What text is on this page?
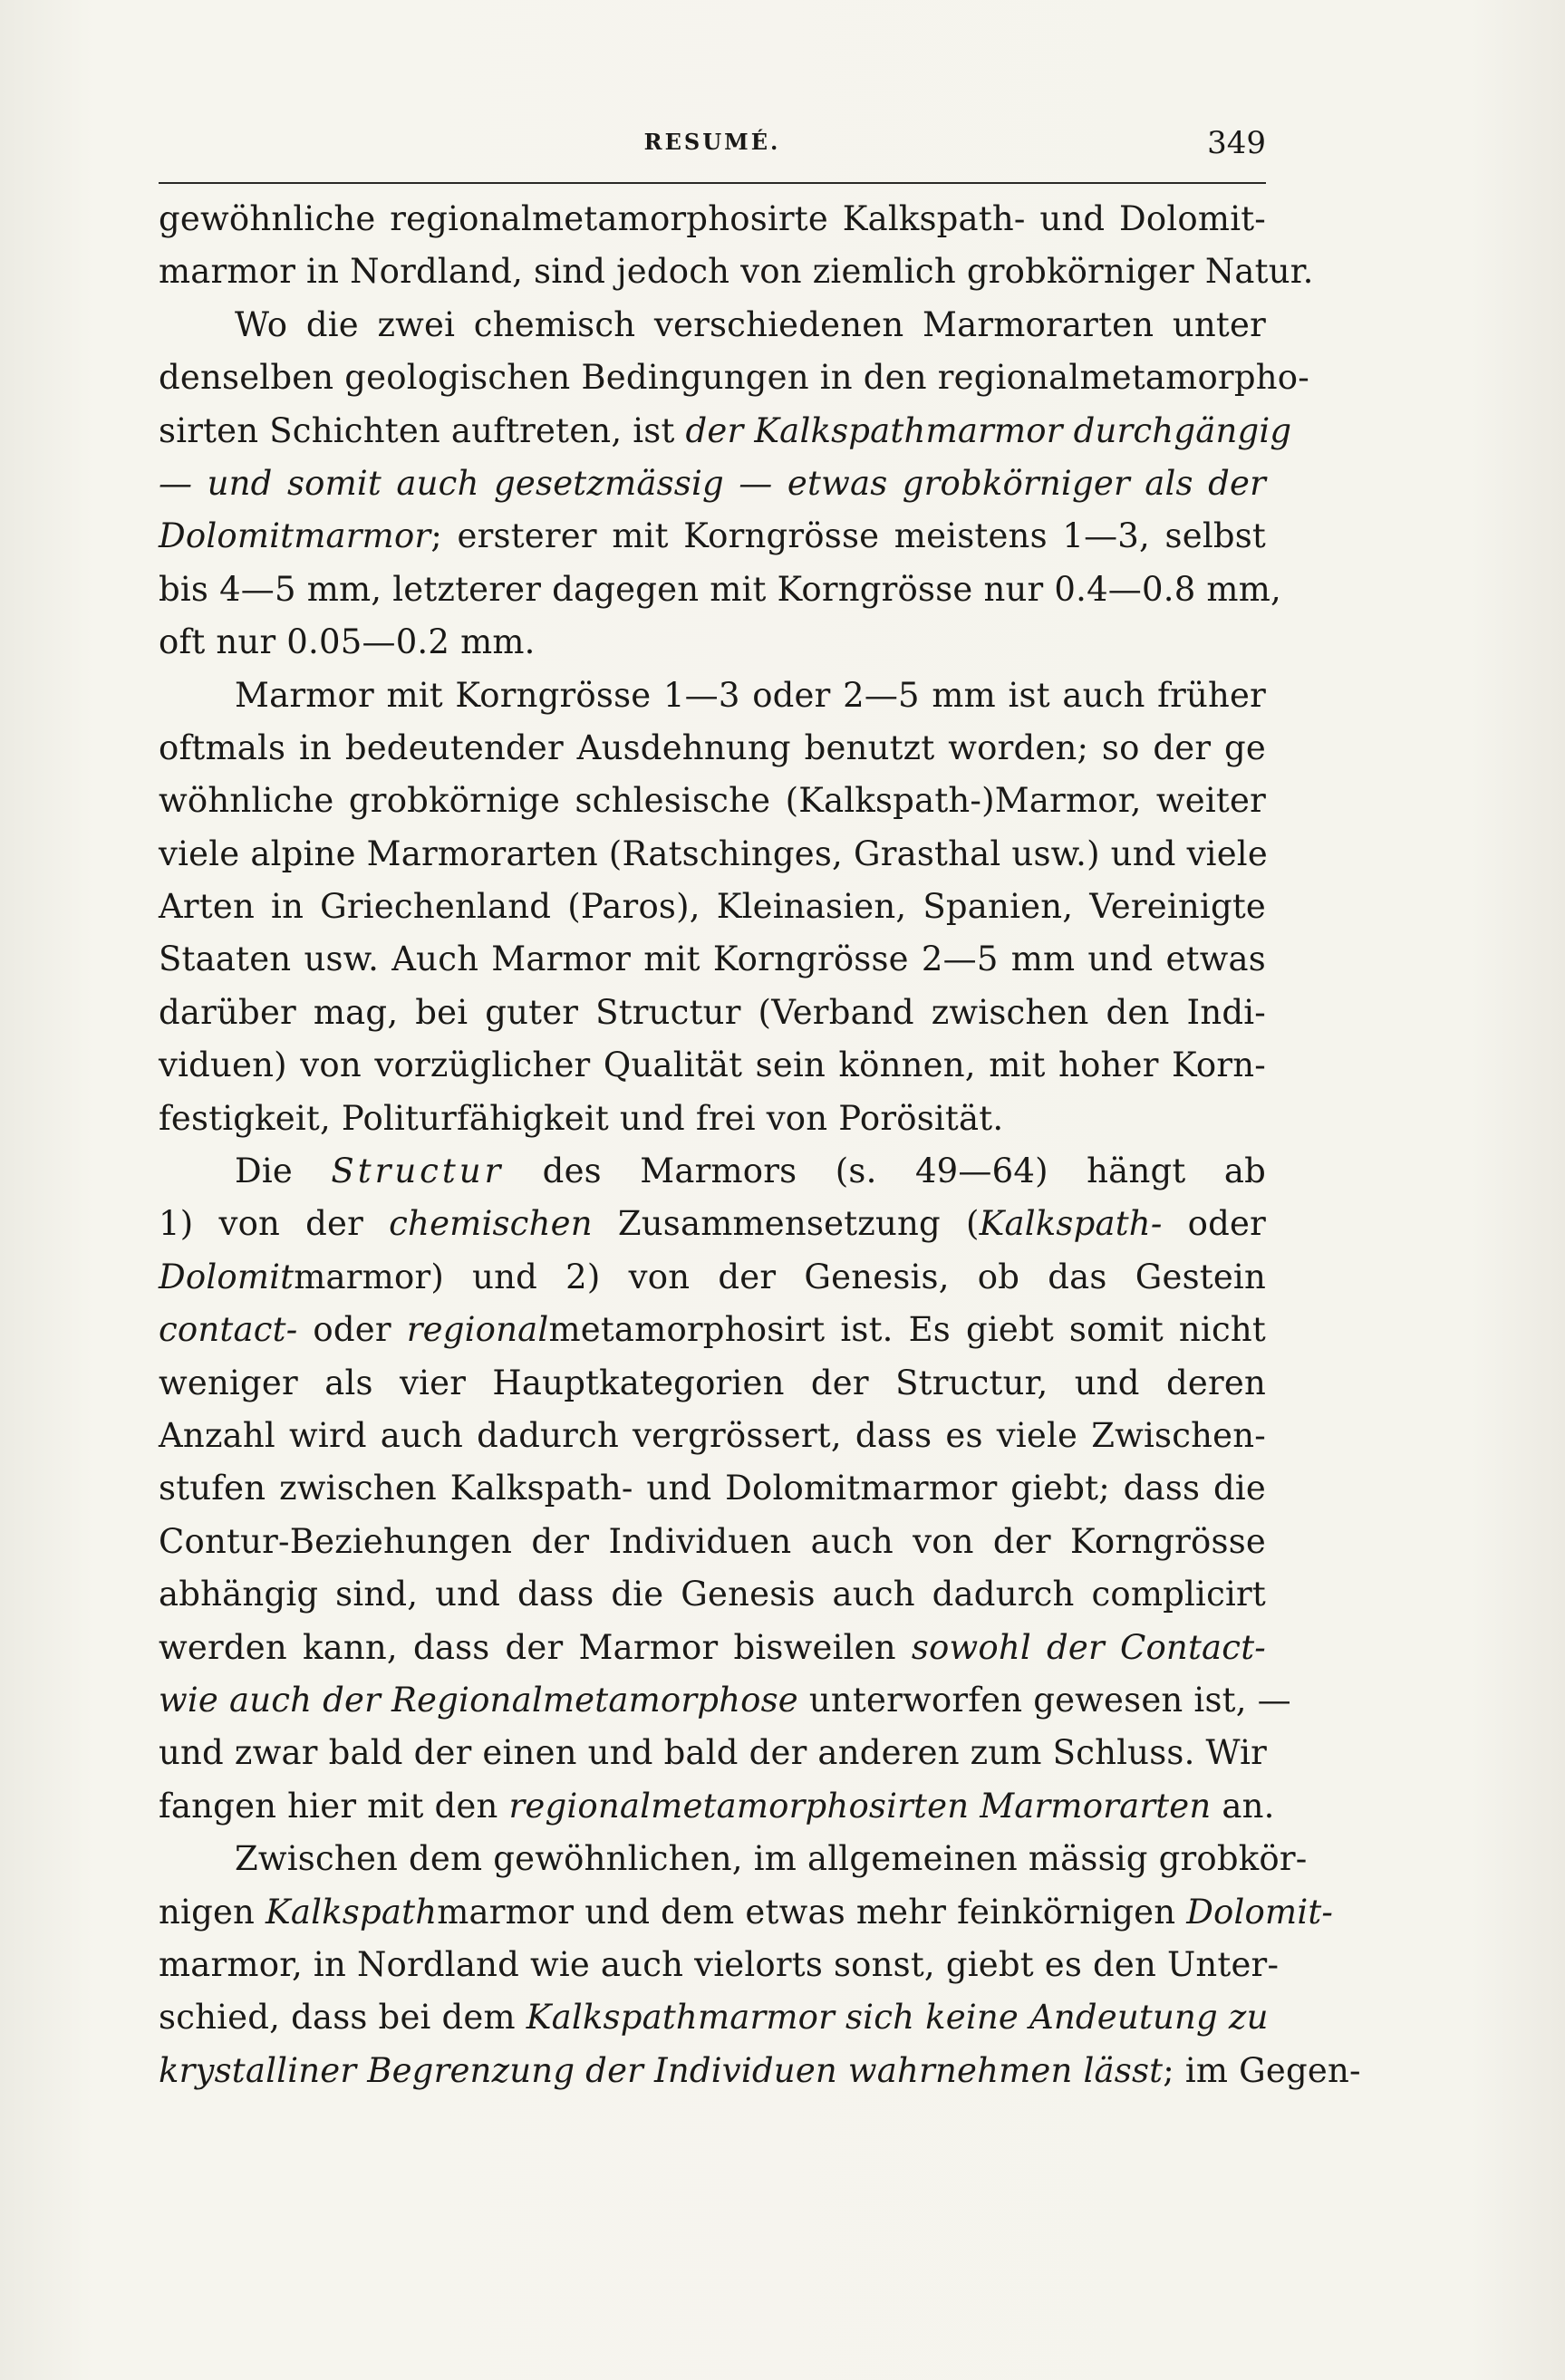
RESUMÉ.	349
gewöhnliche regionalmetamorphosirte Kalkspath- und Dolomit-
marmor in Nordland, sind jedoch von ziemlich grobkörniger Natur.
Wo die zwei chemisch verschiedenen Marmorarten unter
denselben geologischen Bedingungen in den regionalmetamorpho-
sirten Schichten auftreten, ist der Kalkspathmarmor durchgängig
— und somit auch gesetzmässig — etwas grobkörniger als der
Dolomitmarmor; ersterer mit Korngrösse meistens 1—3, selbst
bis 4—5 mm, letzterer dagegen mit Korngrösse nur 0.4—0.8 mm,
oft nur 0.05—0.2 mm.
Marmor mit Korngrösse 1—3 oder 2—5 mm ist auch früher
oftmals in bedeutender Ausdehnung benutzt worden; so der ge
wöhnliche grobkörnige schlesische (Kalkspath-)Marmor, weiter
viele alpine Marmorarten (Ratschinges, Grasthal usw.) und viele
Arten in Griechenland (Paros), Kleinasien, Spanien, Vereinigte
Staaten usw. Auch Marmor mit Korngrösse 2—5 mm und etwas
darüber mag, bei guter Structur (Verband zwischen den Indi-
viduen) von vorzüglicher Qualität sein können, mit hoher Korn-
festigkeit, Politurfähigkeit und frei von Porösität.
Die Structur des Marmors (s. 49—64) hängt ab
1) von der chemischen Zusammensetzung (Kalkspath- oder
Dolomitmarmor) und 2) von der Genesis, ob das Gestein
contact- oder regionalmetamorphosirt ist. Es giebt somit nicht
weniger als vier Hauptkategorien der Structur, und deren
Anzahl wird auch dadurch vergrössert, dass es viele Zwischen-
stufen zwischen Kalkspath- und Dolomitmarmor giebt; dass die
Contur-Beziehungen der Individuen auch von der Korngrösse
abhängig sind, und dass die Genesis auch dadurch complicirt
werden kann, dass der Marmor bisweilen sowohl der Contact-
wie auch der Regionalmetamorphose unterworfen gewesen ist, —
und zwar bald der einen und bald der anderen zum Schluss. Wir
fangen hier mit den regionalmetamorphosirten Marmorarten an.
Zwischen dem gewöhnlichen, im allgemeinen mässig grobkör-
nigen Kalkspathmarmor und dem etwas mehr feinkörnigen Dolomit-
marmor, in Nordland wie auch vielorts sonst, giebt es den Unter-
schied, dass bei dem Kalkspathmarmor sich keine Andeutung zu
krystalliner Begrenzung der Individuen wahrnehmen lässt; im Gegen-
